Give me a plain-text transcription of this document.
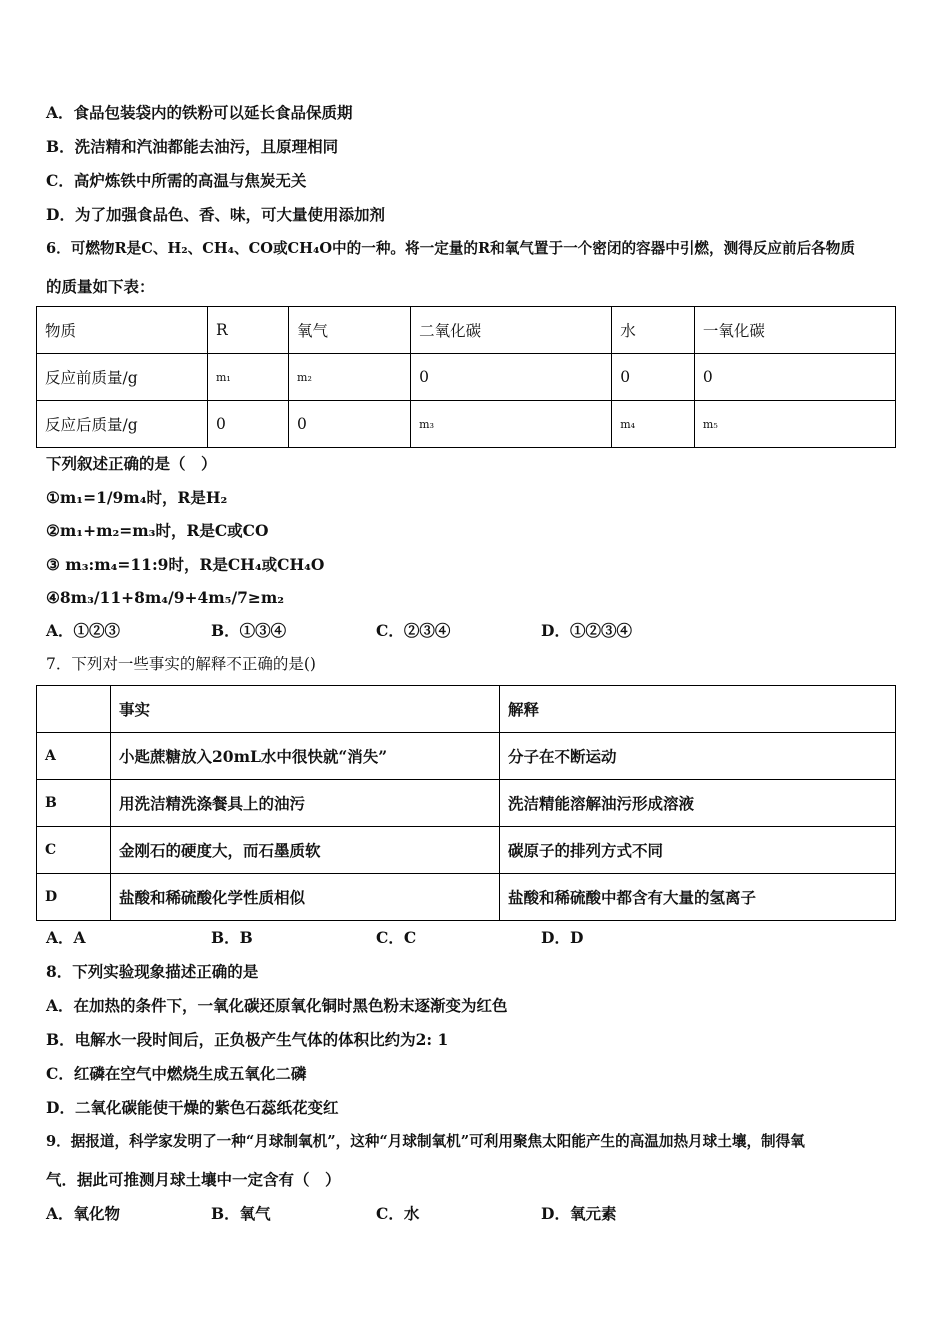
A．食品包装袋内的铁粉可以延长食品保质期
B．洗洁精和汽油都能去油污，且原理相同
C．高炉炼铁中所需的高温与焦炭无关
D．为了加强食品色、香、味，可大量使用添加剂
6．可燃物R是C、H₂、CH₄、CO或CH₄O中的一种。将一定量的R和氧气置于一个密闭的容器中引燃，测得反应前后各物质
的质量如下表：
物质	R	氧气	二氧化碳	水	一氧化碳
反应前质量/g	m₁	m₂	0	0	0
反应后质量/g	0	0	m₃	m₄	m₅
下列叙述正确的是（　）
①m₁=1/9m₄时，R是H₂
②m₁+m₂=m₃时，R是C或CO
③ m₃:m₄=11:9时，R是CH₄或CH₄O
④8m₃/11+8m₄/9+4m₅/7≥m₂
A．①②③	B．①③④	C．②③④	D．①②③④
7．下列对一些事实的解释不正确的是()
	事实	解释
A	小匙蔗糖放入20mL水中很快就“消失”	分子在不断运动
B	用洗洁精洗涤餐具上的油污	洗洁精能溶解油污形成溶液
C	金刚石的硬度大，而石墨质软	碳原子的排列方式不同
D	盐酸和稀硫酸化学性质相似	盐酸和稀硫酸中都含有大量的氢离子
A．A	B．B	C．C	D．D
8．下列实验现象描述正确的是
A．在加热的条件下，一氧化碳还原氧化铜时黑色粉末逐渐变为红色
B．电解水一段时间后，正负极产生气体的体积比约为2: 1
C．红磷在空气中燃烧生成五氧化二磷
D．二氧化碳能使干燥的紫色石蕊纸花变红
9．据报道，科学家发明了一种“月球制氧机”，这种“月球制氧机”可利用聚焦太阳能产生的高温加热月球土壤，制得氧
气．据此可推测月球土壤中一定含有（　）
A．氧化物	B．氧气	C．水	D．氧元素
